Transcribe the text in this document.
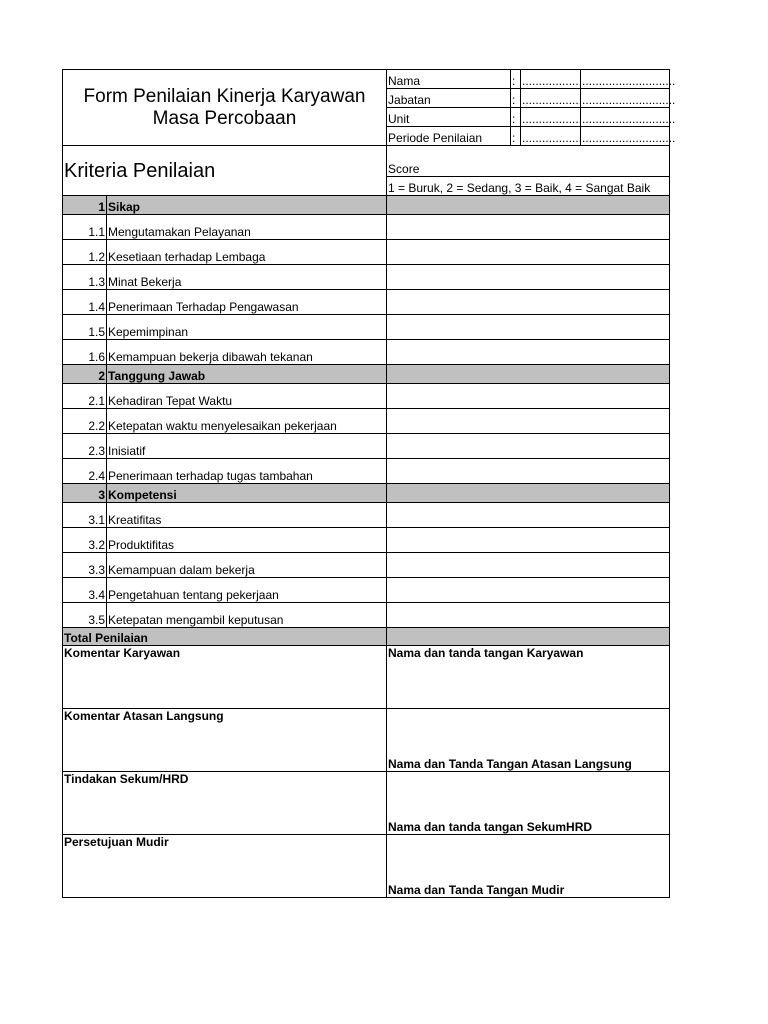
Form Penilaian Kinerja Karyawan Masa Percobaan		Nama	:	..............................................	
		Jabatan	:	..............................................	
		Unit	:	..............................................	
		Periode Penilaian	:	..............................................	
Kriteria Penilaian		Score			
		1 = Buruk, 2 = Sedang, 3 = Baik, 4 = Sangat Baik			
1	Sikap				
1.1	Mengutamakan Pelayanan				
1.2	Kesetiaan terhadap Lembaga				
1.3	Minat Bekerja				
1.4	Penerimaan Terhadap Pengawasan				
1.5	Kepemimpinan				
1.6	Kemampuan bekerja dibawah tekanan				
2	Tanggung Jawab				
2.1	Kehadiran Tepat Waktu				
2.2	Ketepatan waktu menyelesaikan pekerjaan				
2.3	Inisiatif				
2.4	Penerimaan terhadap tugas tambahan				
3	Kompetensi				
3.1	Kreatifitas				
3.2	Produktifitas				
3.3	Kemampuan dalam bekerja				
3.4	Pengetahuan tentang pekerjaan				
3.5	Ketepatan mengambil keputusan				
Total Penilaian					
Komentar Karyawan		Nama dan tanda tangan Karyawan			
Komentar Atasan Langsung		Nama dan Tanda Tangan Atasan Langsung			
Tindakan Sekum/HRD		Nama dan tanda tangan SekumHRD			
Persetujuan Mudir		Nama dan Tanda Tangan Mudir			
